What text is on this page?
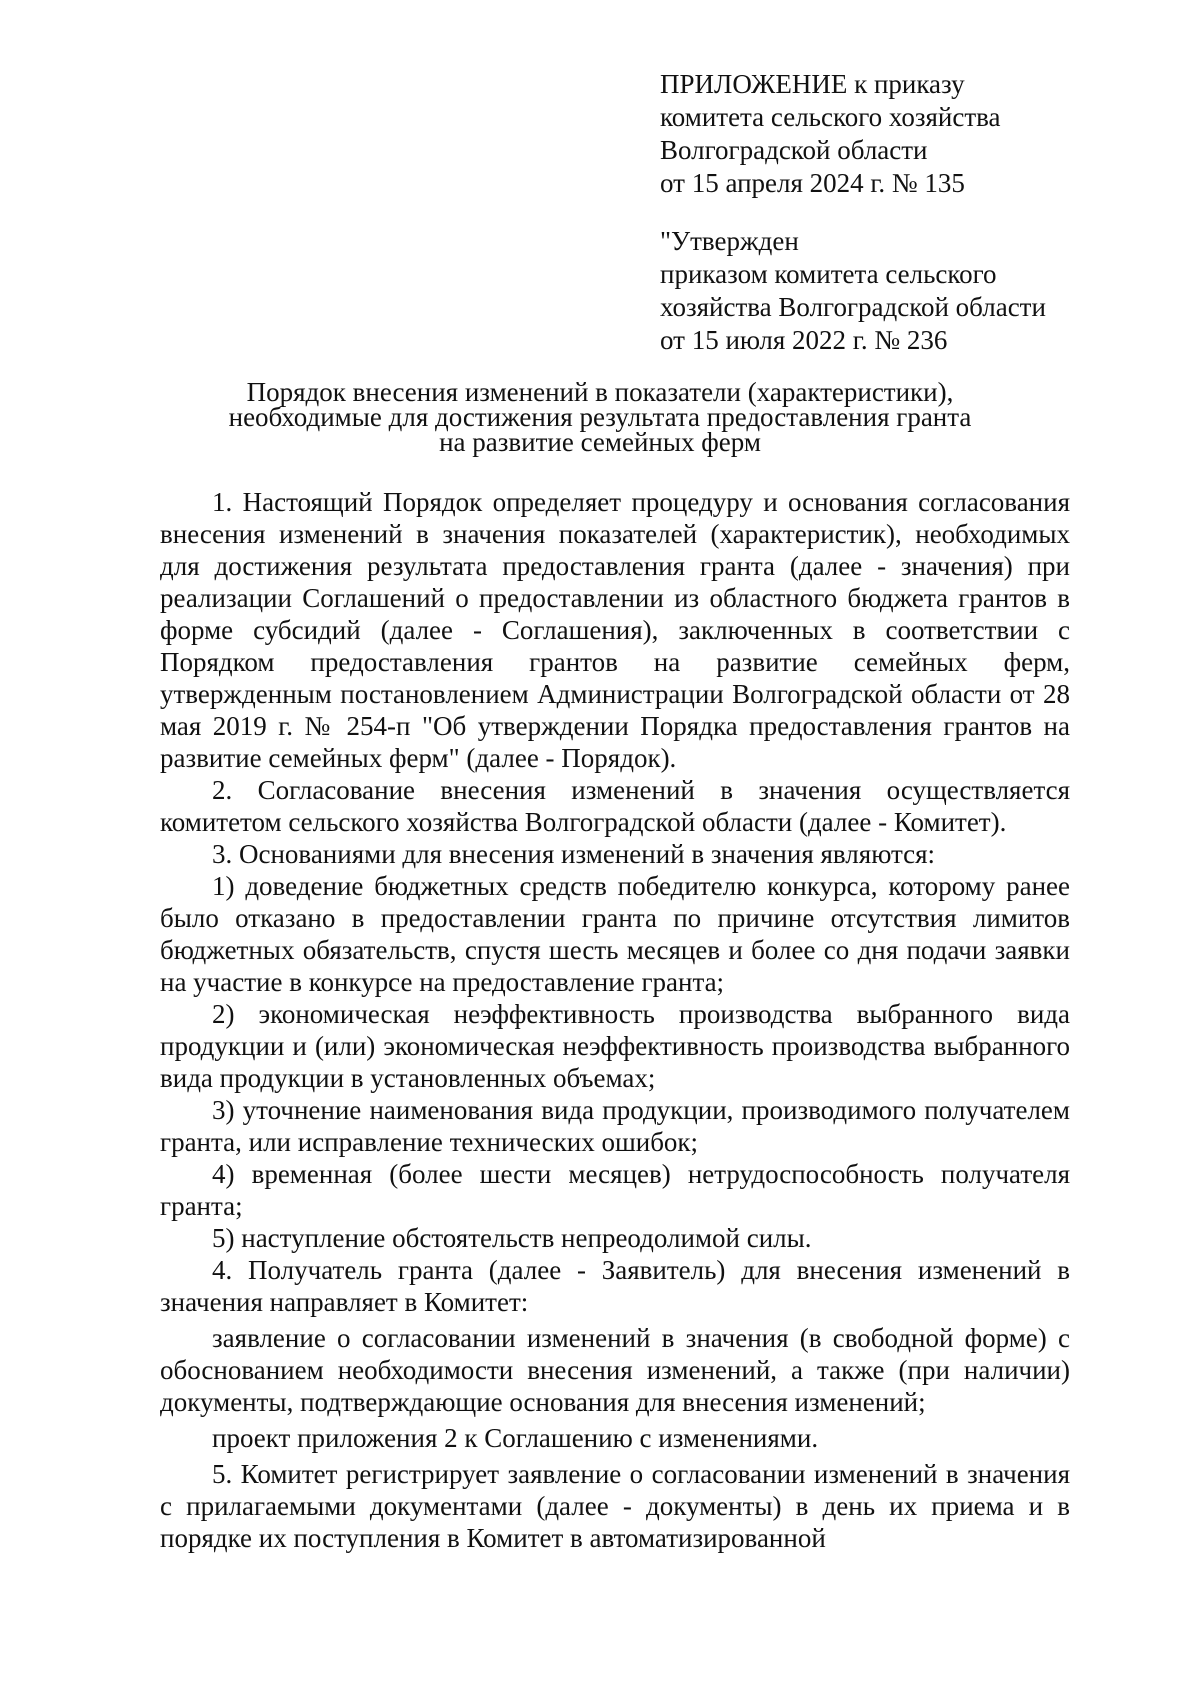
ПРИЛОЖЕНИЕ к приказу
комитета сельского хозяйства
Волгоградской области
от 15 апреля 2024 г. № 135
"Утвержден
приказом комитета сельского
хозяйства Волгоградской области
от 15 июля 2022 г. № 236
Порядок внесения изменений в показатели (характеристики),
необходимые для достижения результата предоставления гранта
на развитие семейных ферм

1. Настоящий Порядок определяет процедуру и основания согласования внесения изменений в значения показателей (характеристик), необходимых для достижения результата предоставления гранта (далее - значения) при реализации Соглашений о предоставлении из областного бюджета грантов в форме субсидий (далее - Соглашения), заключенных в соответствии с Порядком предоставления грантов на развитие семейных ферм, утвержденным постановлением Администрации Волгоградской области от 28 мая 2019 г. № 254-п "Об утверждении Порядка предоставления грантов на развитие семейных ферм" (далее - Порядок).

2. Согласование внесения изменений в значения осуществляется комитетом сельского хозяйства Волгоградской области (далее - Комитет).

3. Основаниями для внесения изменений в значения являются:

1) доведение бюджетных средств победителю конкурса, которому ранее было отказано в предоставлении гранта по причине отсутствия лимитов бюджетных обязательств, спустя шесть месяцев и более со дня подачи заявки на участие в конкурсе на предоставление гранта;

2) экономическая неэффективность производства выбранного вида продукции и (или) экономическая неэффективность производства выбранного вида продукции в установленных объемах;

3) уточнение наименования вида продукции, производимого получателем гранта, или исправление технических ошибок;

4) временная (более шести месяцев) нетрудоспособность получателя гранта;

5) наступление обстоятельств непреодолимой силы.

4. Получатель гранта (далее - Заявитель) для внесения изменений в значения направляет в Комитет:

заявление о согласовании изменений в значения (в свободной форме) с обоснованием необходимости внесения изменений, а также (при наличии) документы, подтверждающие основания для внесения изменений;

проект приложения 2 к Соглашению с изменениями.

5. Комитет регистрирует заявление о согласовании изменений в значения с прилагаемыми документами (далее - документы) в день их приема и в порядке их поступления в Комитет в автоматизированной
